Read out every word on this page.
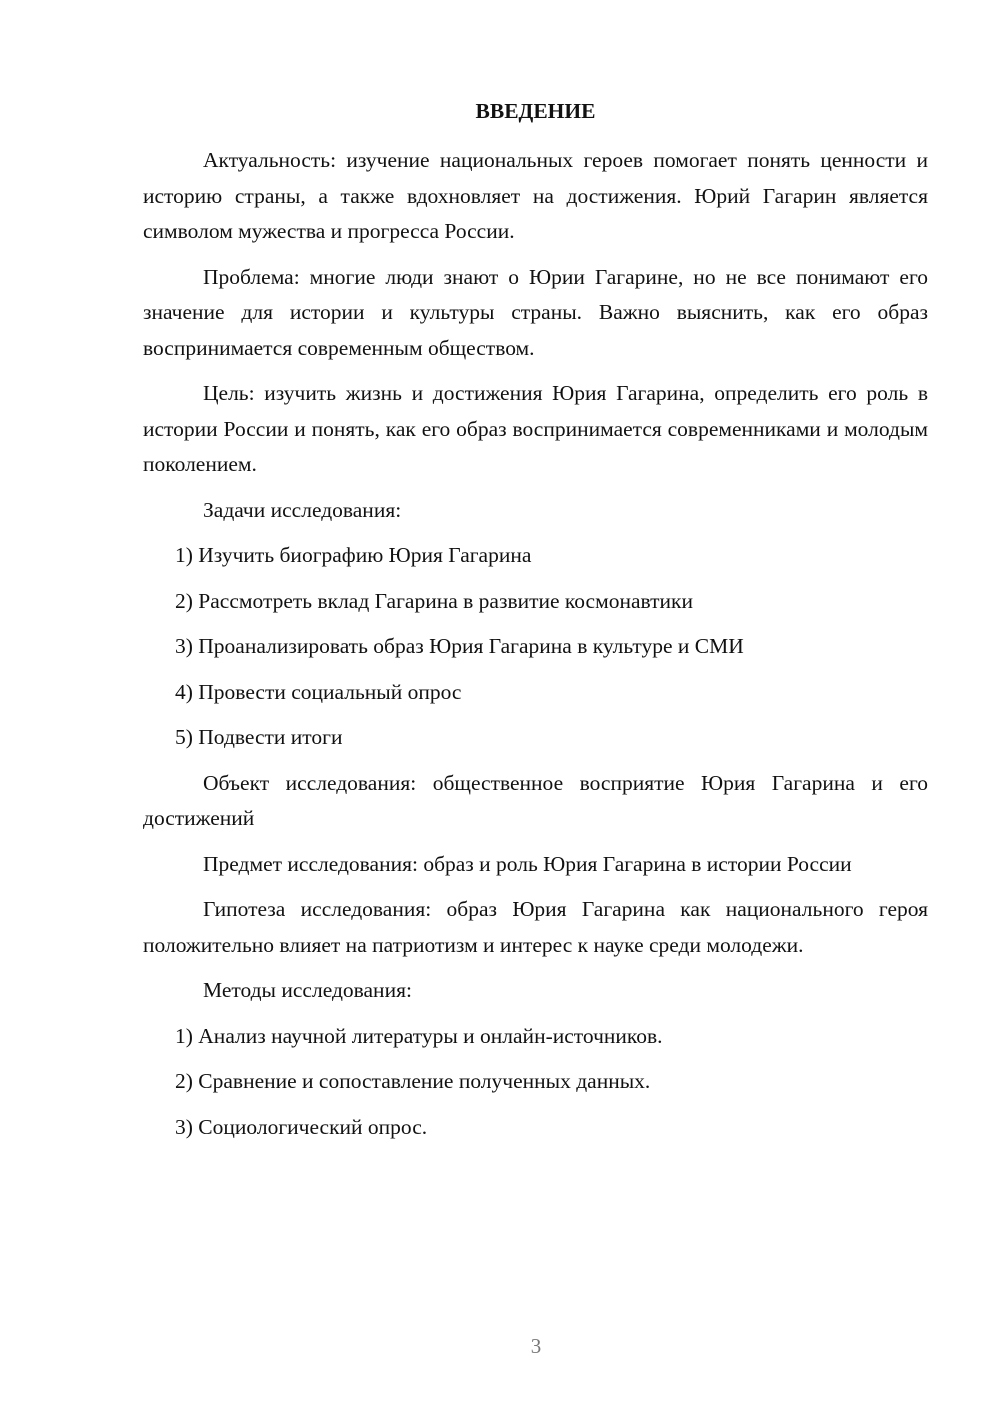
ВВЕДЕНИЕ

Актуальность: изучение национальных героев помогает понять ценности и историю страны, а также вдохновляет на достижения. Юрий Гагарин является символом мужества и прогресса России.

Проблема: многие люди знают о Юрии Гагарине, но не все понимают его значение для истории и культуры страны. Важно выяснить, как его образ воспринимается современным обществом.

Цель: изучить жизнь и достижения Юрия Гагарина, определить его роль в истории России и понять, как его образ воспринимается современниками и молодым поколением.

Задачи исследования:

1) Изучить биографию Юрия Гагарина

2) Рассмотреть вклад Гагарина в развитие космонавтики

3) Проанализировать образ Юрия Гагарина в культуре и СМИ

4) Провести социальный опрос

5) Подвести итоги

Объект исследования: общественное восприятие Юрия Гагарина и его достижений

Предмет исследования: образ и роль Юрия Гагарина в истории России

Гипотеза исследования: образ Юрия Гагарина как национального героя положительно влияет на патриотизм и интерес к науке среди молодежи.

Методы исследования:

1) Анализ научной литературы и онлайн-источников.

2) Сравнение и сопоставление полученных данных.

3) Социологический опрос.

3
